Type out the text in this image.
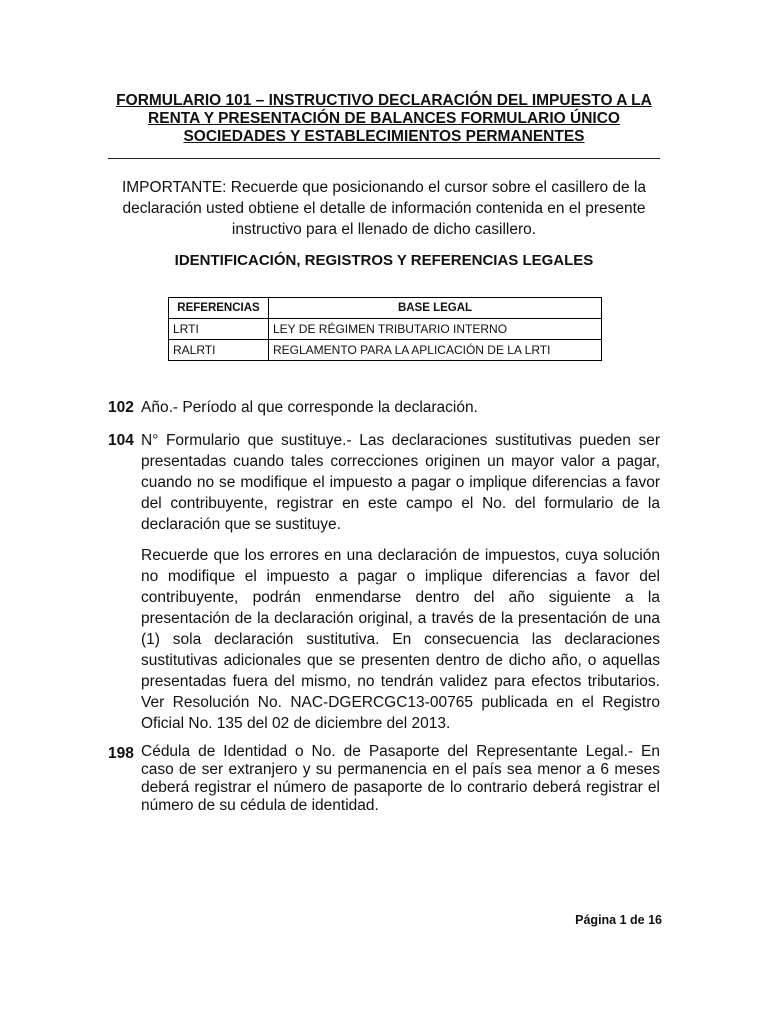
FORMULARIO 101 – INSTRUCTIVO DECLARACIÓN DEL IMPUESTO A LA
RENTA Y PRESENTACIÓN DE BALANCES FORMULARIO ÚNICO
SOCIEDADES Y ESTABLECIMIENTOS PERMANENTES
IMPORTANTE: Recuerde que posicionando el cursor sobre el casillero de la declaración usted obtiene el detalle de información contenida en el presente instructivo para el llenado de dicho casillero.
IDENTIFICACIÓN, REGISTROS Y REFERENCIAS LEGALES
REFERENCIAS	BASE LEGAL
LRTI	LEY DE RÉGIMEN TRIBUTARIO INTERNO
RALRTI	REGLAMENTO PARA LA APLICACIÓN DE LA LRTI
102 Año.- Período al que corresponde la declaración.
104 N° Formulario que sustituye.- Las declaraciones sustitutivas pueden ser presentadas cuando tales correcciones originen un mayor valor a pagar, cuando no se modifique el impuesto a pagar o implique diferencias a favor del contribuyente, registrar en este campo el No. del formulario de la declaración que se sustituye.
Recuerde que los errores en una declaración de impuestos, cuya solución no modifique el impuesto a pagar o implique diferencias a favor del contribuyente, podrán enmendarse dentro del año siguiente a la presentación de la declaración original, a través de la presentación de una (1) sola declaración sustitutiva. En consecuencia las declaraciones sustitutivas adicionales que se presenten dentro de dicho año, o aquellas presentadas fuera del mismo, no tendrán validez para efectos tributarios. Ver Resolución No. NAC-DGERCGC13-00765 publicada en el Registro Oficial No. 135 del 02 de diciembre del 2013.
198 Cédula de Identidad o No. de Pasaporte del Representante Legal.- En caso de ser extranjero y su permanencia en el país sea menor a 6 meses deberá registrar el número de pasaporte de lo contrario deberá registrar el número de su cédula de identidad.
Página 1 de 16
